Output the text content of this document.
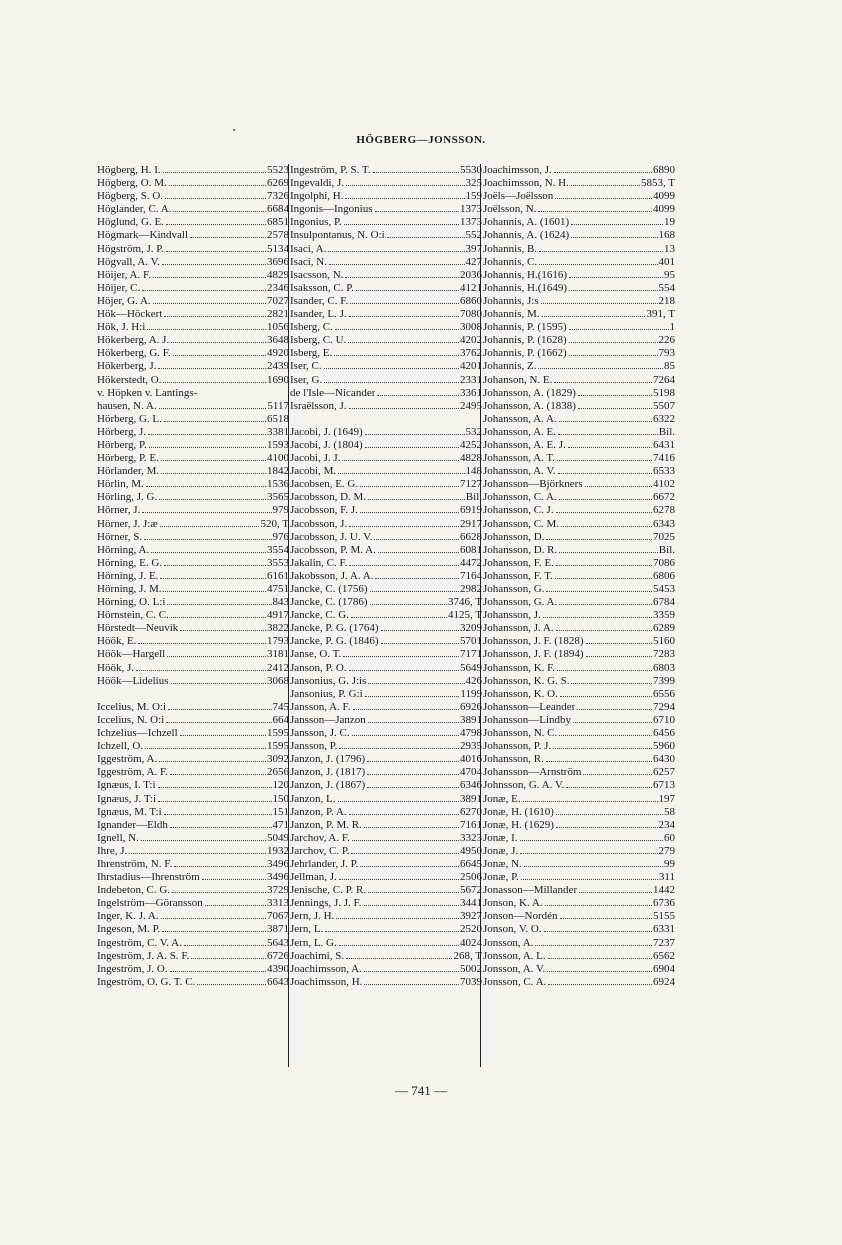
HÖGBERG—JONSSON.
Högberg, H. I.	5523
Högberg, O. M.	6269
Högberg, S. O.	7326
Höglander, C. A.	6684
Höglund, G. E.	6851
Högmark—Kindvall	2578
Högström, J. P.	5134
Högvall, A. V.	3696
Höijer, A. F.	4829
Höijer, C.	2346
Höjer, G. A.	7027
Hök—Höckert	2821
Hök, J. H:i	1056
Hökerberg, A. J.	3648
Hökerberg, G. F.	4920
Hökerberg, J.	2439
Hökerstedt, O.	1690
v. Höpken v. Lantings-
hausen, N. A.	5117
Hörberg, G. L.	6518
Hörberg, J.	3381
Hörberg, P.	1593
Hörberg, P. E.	4100
Hörlander, M.	1842
Hörlin, M.	1536
Hörling, J. G.	3565
Hörner, J.	979
Hörner, J. J:æ	520, T
Hörner, S.	976
Hörning, A.	3554
Hörning, E. G.	3553
Hörning, J. E.	6161
Hörning, J. M.	4751
Hörning, O. L:i	843
Hörnstein, C. C.	4917
Hörstedt—Neuvik	3822
Höök, E.	1793
Höök—Hargell	3181
Höök, J.	2412
Höök—Lidelius	3068
Iccelius, M. O:i	745
Iccelius, N. O:i	664
Ichzelius—Ichzell	1595
Ichzell, O.	1595
Iggeström, A.	3092
Iggeström, A. F.	2656
Ignæus, I. T:i	120
Ignæus, J. T:i	150
Ignæus, M. T:i	151
Ignander—Eldh	471
Ignell, N.	5049
Ihre, J.	1932
Ihrenström, N. F.	3496
Ihrstadius—Ihrenström	3496
Indebeton, C. G.	3729
Ingelström—Göransson	3313
Inger, K. J. A.	7067
Ingeson, M. P.	3871
Ingeström, C. V. A.	5643
Ingeström, J. A. S. F.	6726
Ingeström, J. O.	4390
Ingeström, O. G. T. C.	6643
Ingeström, P. S. T.	5530
Ingevaldi, J.	325
Ingolphi, H.	159
Ingonis—Ingonius	1373
Ingonius, P.	1373
Insulpontanus, N. O:i	552
Isaci, A.	397
Isaci, N.	427
Isacsson, N.	2036
Isaksson, C. P.	4121
Isander, C. F.	6860
Isander, L. J.	7080
Isberg, C.	3008
Isberg, C. U.	4202
Isberg, E.	3762
Iser, C.	4201
Iser, G.	2331
de l'Isle—Nicander	3361
Israëlsson, J.	2495
Jacobi, J. (1649)	532
Jacobi, J. (1804)	4252
Jacobi, J. J.	4828
Jacobi, M.	148
Jacobsen, E. G.	7127
Jacobsson, D. M.	Bil.
Jacobsson, F. J.	6919
Jacobsson, J.	2917
Jacobsson, J. U. V.	6628
Jacobsson, P. M. A.	6081
Jakalin, C. F.	4472
Jakobsson, J. A. A.	7164
Jancke, C. (1756)	2982
Jancke, C. (1786)	3746, T
Jancke, C. G.	4125, T
Jancke, P. G. (1764)	3209
Jancke, P. G. (1846)	5701
Janse, O. T.	7171
Janson, P. O.	5649
Jansonius, G. J:is	426
Jansonius, P. G:i	1199
Jansson, A. F.	6926
Jansson—Janzon	3891
Jansson, J. C.	4798
Jansson, P.	2935
Janzon, J. (1796)	4016
Janzon, J. (1817)	4704
Janzon, J. (1867)	6346
Janzon, L.	3891
Janzon, P. A.	6270
Janzon, P. M. R.	7161
Jarchov, A. F.	3323
Jarchov, C. P.	4950
Jehrlander, J. P.	6645
Jellman, J.	2506
Jenische, C. P. R.	5672
Jennings, J. J. F.	3441
Jern, J. H.	3927
Jern, L.	2520
Jern, L. G.	4024
Joachimi, S.	268, T
Joachimsson, A.	5002
Joachimsson, H.	7039
Joachimsson, J.	6890
Joachimsson, N. H.	5853, T
Joëls—Joëlsson	4099
Joëlsson, N.	4099
Johannis, A. (1601)	19
Johannis, A. (1624)	168
Johannis, B.	13
Johannis, C.	401
Johannis, H.(1616)	95
Johannis, H.(1649)	554
Johannis, J:s	218
Johannis, M.	391, T
Johannis, P. (1595)	1
Johannis, P. (1628)	226
Johannis, P. (1662)	793
Johannis, Z.	85
Johanson, N. E.	7264
Johansson, A. (1829)	5198
Johansson, A. (1838)	5507
Johansson, A. A.	6322
Johansson, A. E.	Bil.
Johansson, A. E. J.	6431
Johansson, A. T.	7416
Johansson, A. V.	6533
Johansson—Björkners	4102
Johansson, C. A.	6672
Johansson, C. J.	6278
Johansson, C. M.	6343
Johansson, D.	7025
Johansson, D. R.	Bil.
Johansson, F. E.	7086
Johansson, F. T.	6806
Johansson, G.	5453
Johansson, G. A.	6784
Johansson, J.	3359
Johansson, J. A.	6289
Johansson, J. F. (1828)	5160
Johansson, J. F. (1894)	7283
Johansson, K. F.	6803
Johansson, K. G. S.	7399
Johansson, K. O.	6556
Johansson—Leander	7294
Johansson—Lindby	6710
Johansson, N. C.	6456
Johansson, P. J.	5960
Johansson, R.	6430
Johansson—Arnström	6257
Johnsson, G. A. V.	6713
Jonæ, E.	197
Jonæ, H. (1610)	58
Jonæ, H. (1629)	234
Jonæ, I.	60
Jonæ, J.	279
Jonæ, N.	99
Jonæ, P.	311
Jonasson—Millander	1442
Jonson, K. A.	6736
Jonson—Nordén	5155
Jonson, V. O.	6331
Jonsson, A.	7237
Jonsson, A. L.	6562
Jonsson, A. V.	6904
Jonsson, C. A.	6924
— 741 —
